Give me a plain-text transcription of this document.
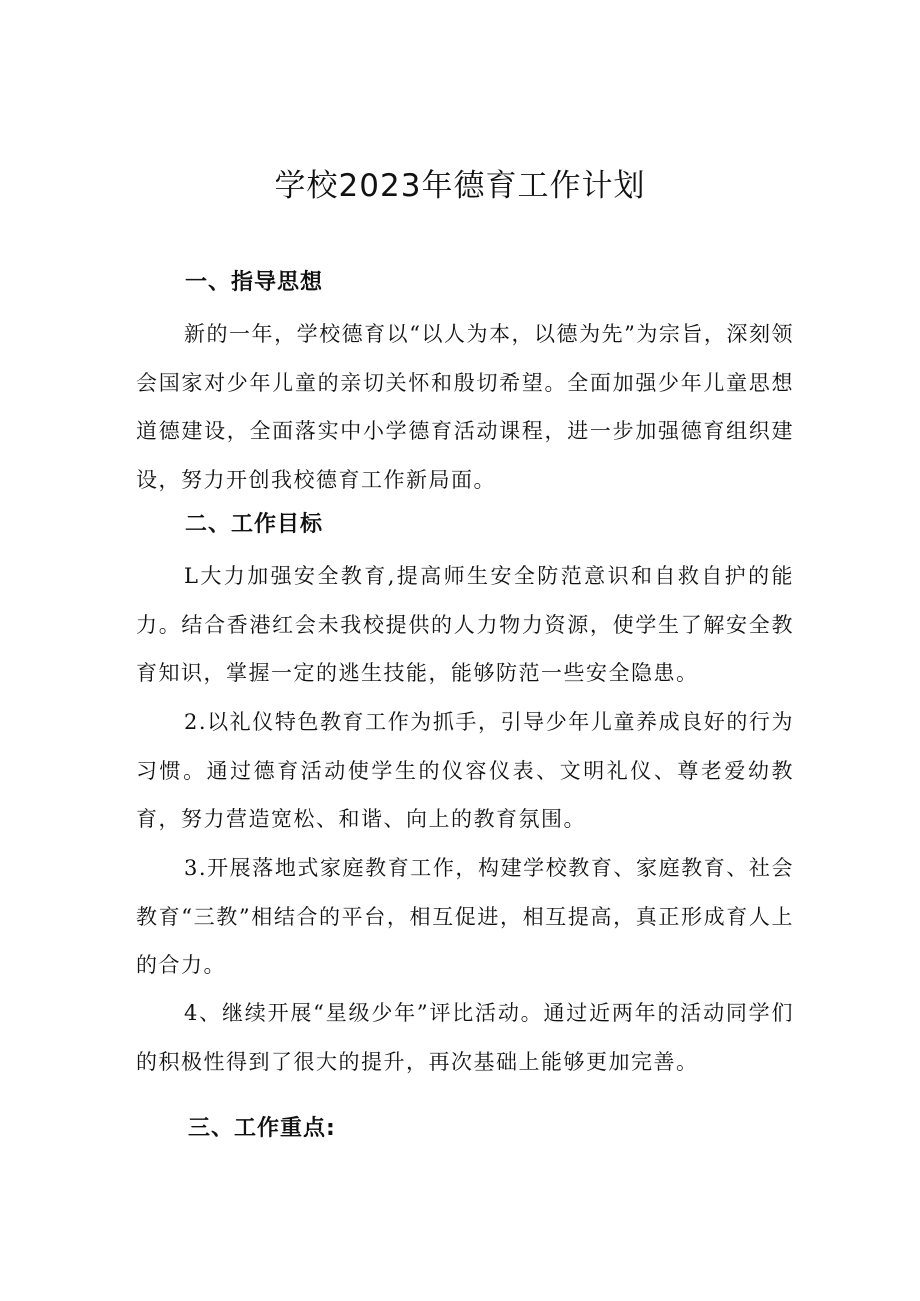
学校2023年德育工作计划
一、指导思想

新的一年，学校德育以“以人为本，以德为先”为宗旨，深刻领会国家对少年儿童的亲切关怀和殷切希望。全面加强少年儿童思想道德建设，全面落实中小学德育活动课程，进一步加强德育组织建设，努力开创我校德育工作新局面。

二、工作目标

L大力加强安全教育,提高师生安全防范意识和自救自护的能力。结合香港红会未我校提供的人力物力资源，使学生了解安全教育知识，掌握一定的逃生技能，能够防范一些安全隐患。

2.以礼仪特色教育工作为抓手，引导少年儿童养成良好的行为习惯。通过德育活动使学生的仪容仪表、文明礼仪、尊老爱幼教育，努力营造宽松、和谐、向上的教育氛围。

3.开展落地式家庭教育工作，构建学校教育、家庭教育、社会教育“三教”相结合的平台，相互促进，相互提高，真正形成育人上的合力。

4、继续开展“星级少年”评比活动。通过近两年的活动同学们的积极性得到了很大的提升，再次基础上能够更加完善。

三、工作重点:
